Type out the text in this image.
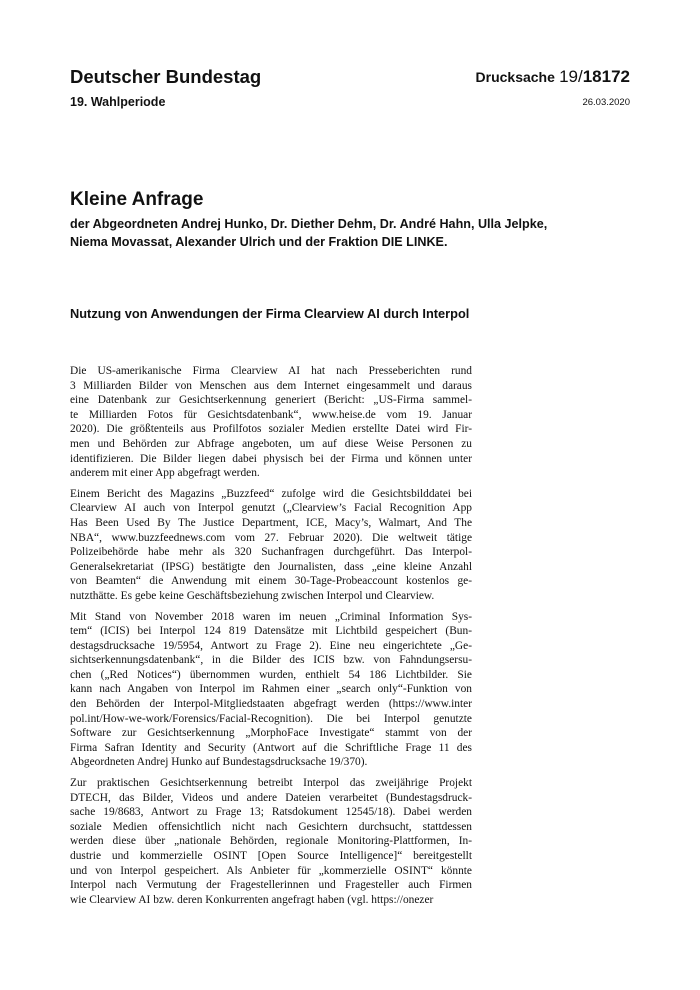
Deutscher Bundestag
19. Wahlperiode
Drucksache 19/18172
26.03.2020
Kleine Anfrage
der Abgeordneten Andrej Hunko, Dr. Diether Dehm, Dr. André Hahn, Ulla Jelpke,
Niema Movassat, Alexander Ulrich und der Fraktion DIE LINKE.
Nutzung von Anwendungen der Firma Clearview AI durch Interpol

Die US-amerikanische Firma Clearview AI hat nach Presseberichten rund
3 Milliarden Bilder von Menschen aus dem Internet eingesammelt und daraus
eine Datenbank zur Gesichtserkennung generiert (Bericht: „US-Firma sammel-
te Milliarden Fotos für Gesichtsdatenbank“, www.heise.de vom 19. Januar
2020). Die größtenteils aus Profilfotos sozialer Medien erstellte Datei wird Fir-
men und Behörden zur Abfrage angeboten, um auf diese Weise Personen zu
identifizieren. Die Bilder liegen dabei physisch bei der Firma und können unter
anderem mit einer App abgefragt werden.

Einem Bericht des Magazins „Buzzfeed“ zufolge wird die Gesichtsbilddatei bei
Clearview AI auch von Interpol genutzt („Clearview’s Facial Recognition App
Has Been Used By The Justice Department, ICE, Macy’s, Walmart, And The
NBA“, www.buzzfeednews.com vom 27. Februar 2020). Die weltweit tätige
Polizeibehörde habe mehr als 320 Suchanfragen durchgeführt. Das Interpol-
Generalsekretariat (IPSG) bestätigte den Journalisten, dass „eine kleine Anzahl
von Beamten“ die Anwendung mit einem 30-Tage-Probeaccount kostenlos ge-
nutzthätte. Es gebe keine Geschäftsbeziehung zwischen Interpol und Clearview.

Mit Stand von November 2018 waren im neuen „Criminal Information Sys-
tem“ (ICIS) bei Interpol 124 819 Datensätze mit Lichtbild gespeichert (Bun-
destagsdrucksache 19/5954, Antwort zu Frage 2). Eine neu eingerichtete „Ge-
sichtserkennungsdatenbank“, in die Bilder des ICIS bzw. von Fahndungsersu-
chen („Red Notices“) übernommen wurden, enthielt 54 186 Lichtbilder. Sie
kann nach Angaben von Interpol im Rahmen einer „search only“-Funktion von
den Behörden der Interpol-Mitgliedstaaten abgefragt werden (https://www.inter
pol.int/How-we-work/Forensics/Facial-Recognition). Die bei Interpol genutzte
Software zur Gesichtserkennung „MorphoFace Investigate“ stammt von der
Firma Safran Identity and Security (Antwort auf die Schriftliche Frage 11 des
Abgeordneten Andrej Hunko auf Bundestagsdrucksache 19/370).

Zur praktischen Gesichtserkennung betreibt Interpol das zweijährige Projekt
DTECH, das Bilder, Videos und andere Dateien verarbeitet (Bundestagsdruck-
sache 19/8683, Antwort zu Frage 13; Ratsdokument 12545/18). Dabei werden
soziale Medien offensichtlich nicht nach Gesichtern durchsucht, stattdessen
werden diese über „nationale Behörden, regionale Monitoring-Plattformen, In-
dustrie und kommerzielle OSINT [Open Source Intelligence]“ bereitgestellt
und von Interpol gespeichert. Als Anbieter für „kommerzielle OSINT“ könnte
Interpol nach Vermutung der Fragestellerinnen und Fragesteller auch Firmen
wie Clearview AI bzw. deren Konkurrenten angefragt haben (vgl. https://onezer
